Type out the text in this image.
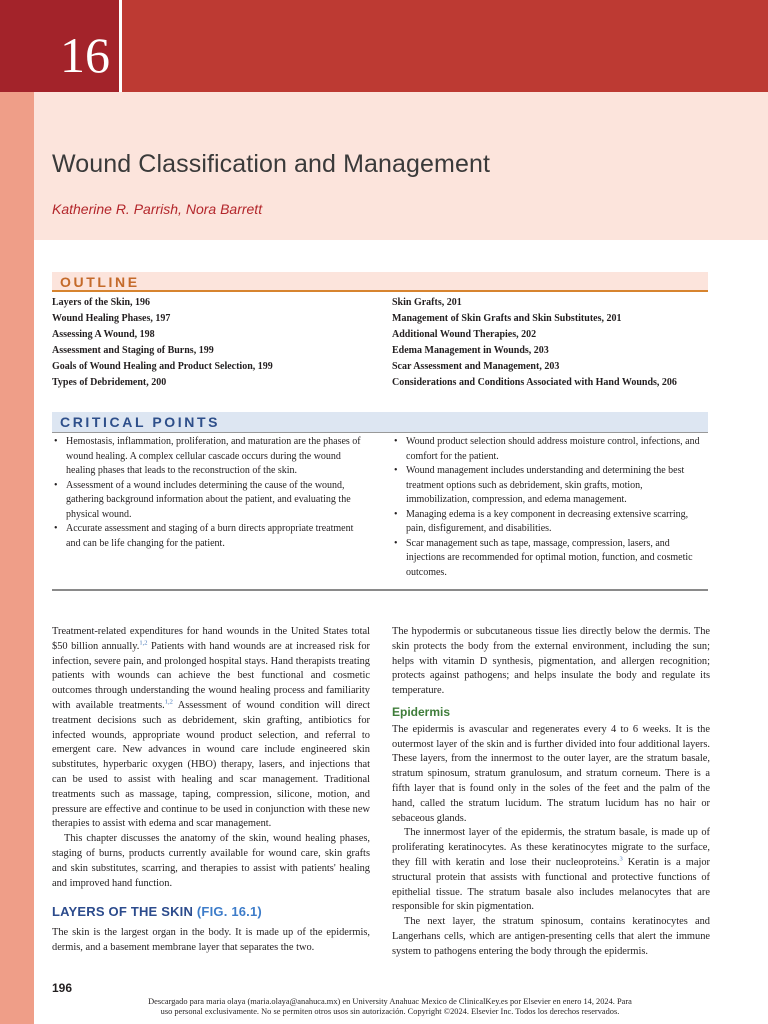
16
Wound Classification and Management
Katherine R. Parrish, Nora Barrett
OUTLINE
Layers of the Skin, 196
Wound Healing Phases, 197
Assessing A Wound, 198
Assessment and Staging of Burns, 199
Goals of Wound Healing and Product Selection, 199
Types of Debridement, 200
Skin Grafts, 201
Management of Skin Grafts and Skin Substitutes, 201
Additional Wound Therapies, 202
Edema Management in Wounds, 203
Scar Assessment and Management, 203
Considerations and Conditions Associated with Hand Wounds, 206
CRITICAL POINTS
• Hemostasis, inflammation, proliferation, and maturation are the phases of wound healing. A complex cellular cascade occurs during the wound healing phases that leads to the reconstruction of the skin.
• Assessment of a wound includes determining the cause of the wound, gathering background information about the patient, and evaluating the physical wound.
• Accurate assessment and staging of a burn directs appropriate treatment and can be life changing for the patient.
• Wound product selection should address moisture control, infections, and comfort for the patient.
• Wound management includes understanding and determining the best treatment options such as debridement, skin grafts, motion, immobilization, compression, and edema management.
• Managing edema is a key component in decreasing extensive scarring, pain, disfigurement, and disabilities.
• Scar management such as tape, massage, compression, lasers, and injections are recommended for optimal motion, function, and cosmetic outcomes.

Treatment-related expenditures for hand wounds in the United States total $50 billion annually.$^{1,2}$ Patients with hand wounds are at increased risk for infection, severe pain, and prolonged hospital stays. Hand therapists treating patients with wounds can achieve the best functional and cosmetic outcomes through understanding the wound healing process and familiarity with available treatments.$^{1,2}$ Assessment of wound condition will direct treatment decisions such as debridement, skin grafting, antibiotics for infected wounds, appropriate wound product selection, and referral to emergent care. New advances in wound care include engineered skin substitutes, hyperbaric oxygen (HBO) therapy, lasers, and injections that can be used to assist with healing and scar management. Traditional treatments such as massage, taping, compression, silicone, motion, and pressure are effective and continue to be used in conjunction with these new therapies to assist with edema and scar management.

This chapter discusses the anatomy of the skin, wound healing phases, staging of burns, products currently available for wound care, skin grafts and skin substitutes, scarring, and therapies to assist with patients' healing and improved hand function.

LAYERS OF THE SKIN (FIG. 16.1)

The skin is the largest organ in the body. It is made up of the epidermis, dermis, and a basement membrane layer that separates the two.

The hypodermis or subcutaneous tissue lies directly below the dermis. The skin protects the body from the external environment, including the sun; helps with vitamin D synthesis, pigmentation, and allergen recognition; protects against pathogens; and helps insulate the body and regulate its temperature.

Epidermis

The epidermis is avascular and regenerates every 4 to 6 weeks. It is the outermost layer of the skin and is further divided into four additional layers. These layers, from the innermost to the outer layer, are the stratum basale, stratum spinosum, stratum granulosum, and stratum corneum. There is a fifth layer that is found only in the soles of the feet and the palm of the hand, called the stratum lucidum. The stratum lucidum has no hair or sebaceous glands.

The innermost layer of the epidermis, the stratum basale, is made up of proliferating keratinocytes. As these keratinocytes migrate to the surface, they fill with keratin and lose their nucleoproteins.$^3$ Keratin is a major structural protein that assists with functional and protective functions of epithelial tissue. The stratum basale also includes melanocytes that are responsible for skin pigmentation.

The next layer, the stratum spinosum, contains keratinocytes and Langerhans cells, which are antigen-presenting cells that alert the immune system to pathogens entering the body through the epidermis.

196
Descargado para maria olaya (maria.olaya@anahuca.mx) en University Anahuac Mexico de ClinicalKey.es por Elsevier en enero 14, 2024. Para
uso personal exclusivamente. No se permiten otros usos sin autorización. Copyright ©2024. Elsevier Inc. Todos los derechos reservados.
